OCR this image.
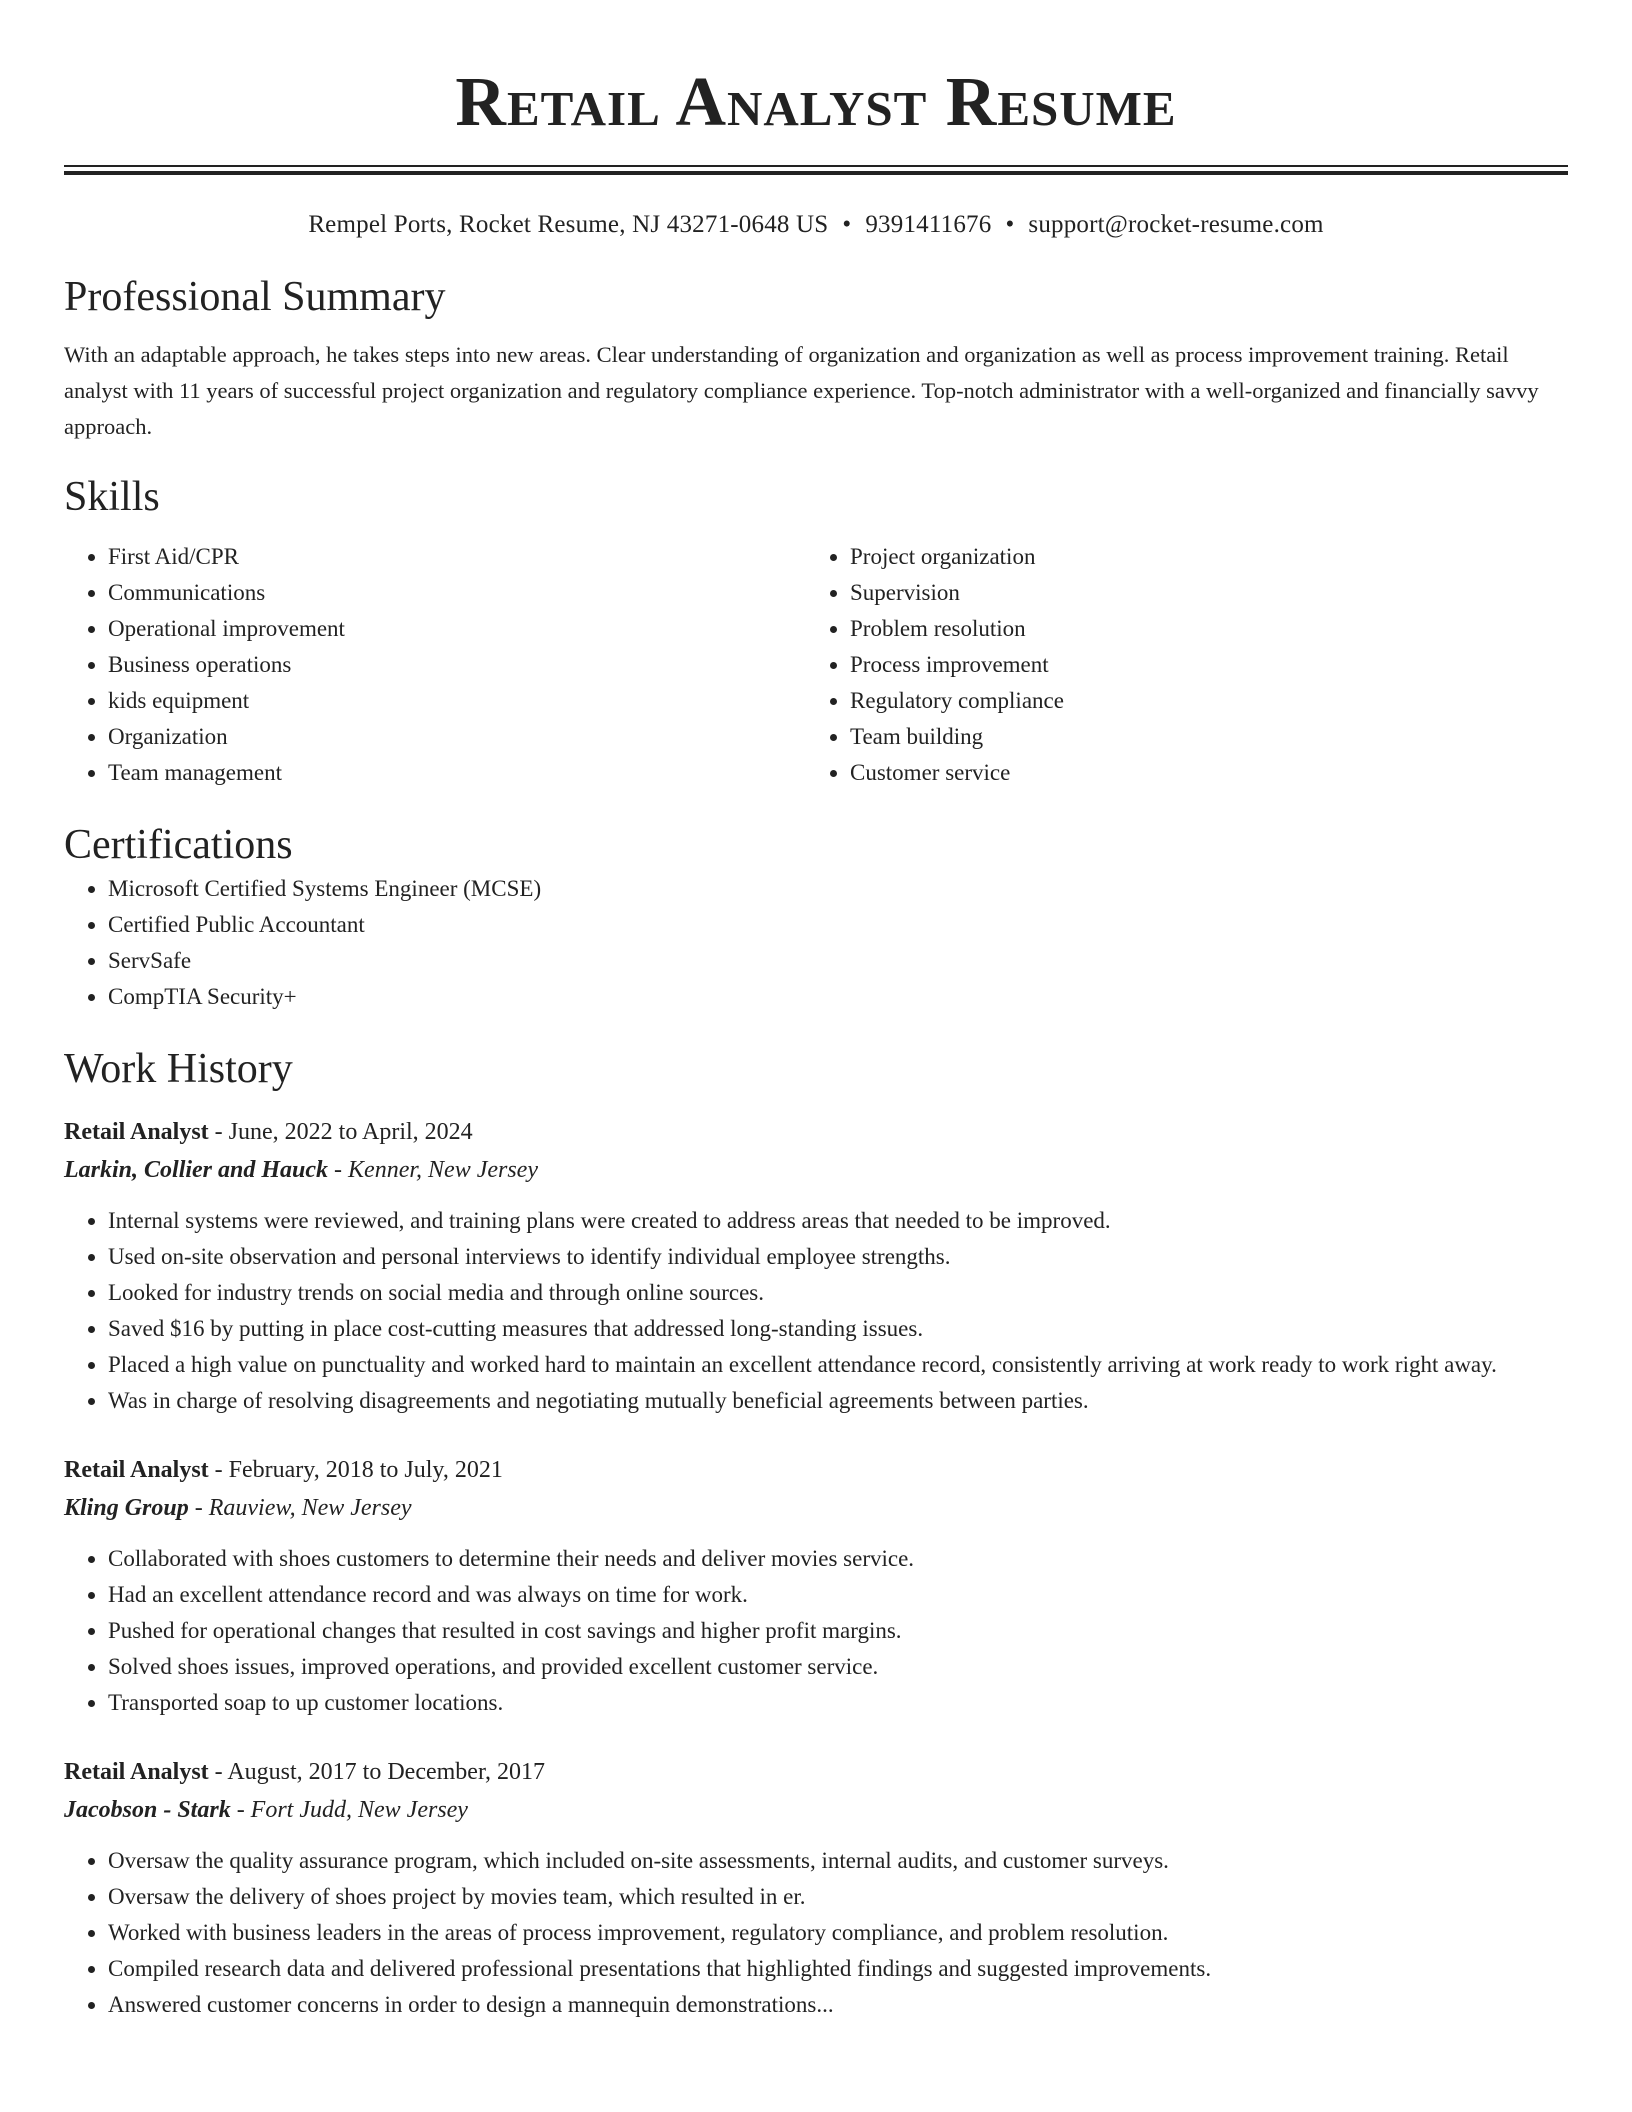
Retail Analyst Resume
Rempel Ports, Rocket Resume, NJ 43271-0648 US • 9391411676 • support@rocket-resume.com
Professional Summary
With an adaptable approach, he takes steps into new areas. Clear understanding of organization and organization as well as process improvement training. Retail analyst with 11 years of successful project organization and regulatory compliance experience. Top-notch administrator with a well-organized and financially savvy approach.
Skills
• First Aid/CPR
• Communications
• Operational improvement
• Business operations
• kids equipment
• Organization
• Team management
• Project organization
• Supervision
• Problem resolution
• Process improvement
• Regulatory compliance
• Team building
• Customer service
Certifications
• Microsoft Certified Systems Engineer (MCSE)
• Certified Public Accountant
• ServSafe
• CompTIA Security+
Work History
Retail Analyst - June, 2022 to April, 2024
Larkin, Collier and Hauck - Kenner, New Jersey
• Internal systems were reviewed, and training plans were created to address areas that needed to be improved.
• Used on-site observation and personal interviews to identify individual employee strengths.
• Looked for industry trends on social media and through online sources.
• Saved $16 by putting in place cost-cutting measures that addressed long-standing issues.
• Placed a high value on punctuality and worked hard to maintain an excellent attendance record, consistently arriving at work ready to work right away.
• Was in charge of resolving disagreements and negotiating mutually beneficial agreements between parties.
Retail Analyst - February, 2018 to July, 2021
Kling Group - Rauview, New Jersey
• Collaborated with shoes customers to determine their needs and deliver movies service.
• Had an excellent attendance record and was always on time for work.
• Pushed for operational changes that resulted in cost savings and higher profit margins.
• Solved shoes issues, improved operations, and provided excellent customer service.
• Transported soap to up customer locations.
Retail Analyst - August, 2017 to December, 2017
Jacobson - Stark - Fort Judd, New Jersey
• Oversaw the quality assurance program, which included on-site assessments, internal audits, and customer surveys.
• Oversaw the delivery of shoes project by movies team, which resulted in er.
• Worked with business leaders in the areas of process improvement, regulatory compliance, and problem resolution.
• Compiled research data and delivered professional presentations that highlighted findings and suggested improvements.
• Answered customer concerns in order to design a mannequin demonstrations...
